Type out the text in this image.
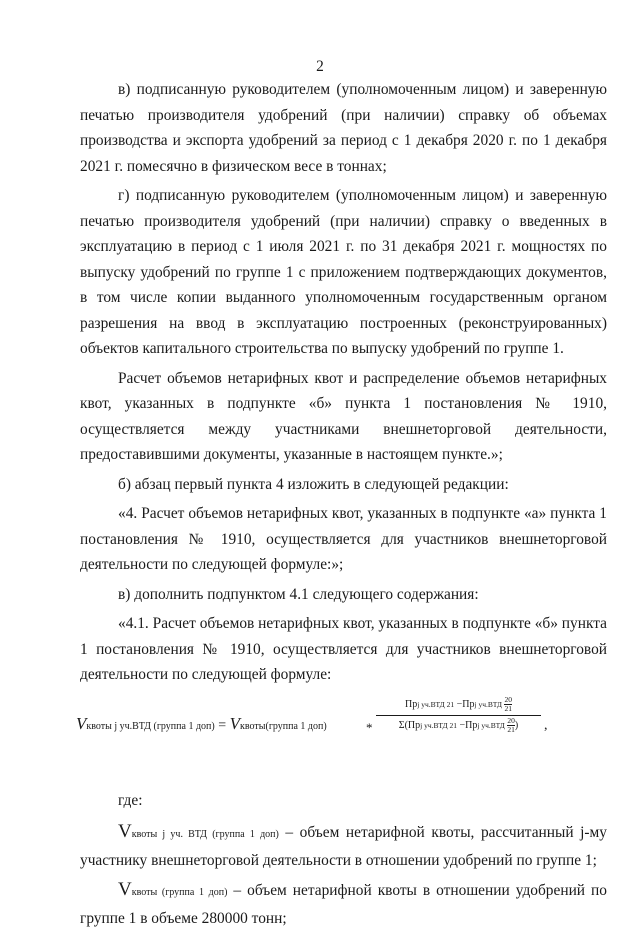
2

в) подписанную руководителем (уполномоченным лицом) и заверенную печатью производителя удобрений (при наличии) справку об объемах производства и экспорта удобрений за период с 1 декабря 2020 г. по 1 декабря 2021 г. помесячно в физическом весе в тоннах;

г) подписанную руководителем (уполномоченным лицом) и заверенную печатью производителя удобрений (при наличии) справку о введенных в эксплуатацию в период с 1 июля 2021 г. по 31 декабря 2021 г. мощностях по выпуску удобрений по группе 1 с приложением подтверждающих документов, в том числе копии выданного уполномоченным государственным органом разрешения на ввод в эксплуатацию построенных (реконструированных) объектов капитального строительства по выпуску удобрений по группе 1.

Расчет объемов нетарифных квот и распределение объемов нетарифных квот, указанных в подпункте «б» пункта 1 постановления № 1910, осуществляется между участниками внешнеторговой деятельности, предоставившими документы, указанные в настоящем пункте.»;

б) абзац первый пункта 4 изложить в следующей редакции:

«4. Расчет объемов нетарифных квот, указанных в подпункте «а» пункта 1 постановления № 1910, осуществляется для участников внешнеторговой деятельности по следующей формуле:»;

в) дополнить подпунктом 4.1 следующего содержания:

«4.1. Расчет объемов нетарифных квот, указанных в подпункте «б» пункта 1 постановления № 1910, осуществляется для участников внешнеторговой деятельности по следующей формуле:

Vквоты j уч.ВТД (группа 1 доп) = Vквоты(группа 1 доп)	*
Прj уч.ВТД 21 −Прj $уч.ВТД \frac{20}{21}$
Σ(Прj уч.ВТД 21 −Прj $уч.ВТД \frac{20}{21}$ )	,

где:

Vквоты j уч. ВТД (группа 1 доп) – объем нетарифной квоты, рассчитанный j-му участнику внешнеторговой деятельности в отношении удобрений по группе 1;

Vквоты (группа 1 доп) – объем нетарифной квоты в отношении удобрений по группе 1 в объеме 280000 тонн;
